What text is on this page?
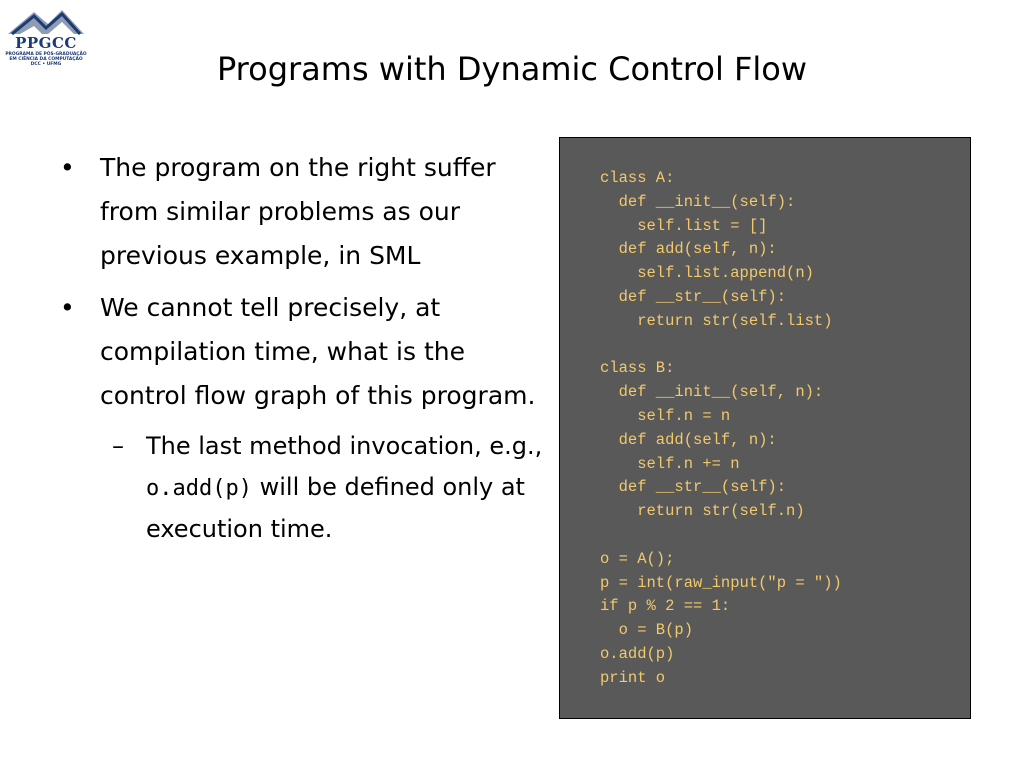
PPGCC
PROGRAMA DE PÓS-GRADUAÇÃO
EM CIÊNCIA DA COMPUTAÇÃO
DCC • UFMG	Programs with Dynamic Control Flow
• The program on the right suffer from similar problems as our previous example, in SML
• We cannot tell precisely, at compilation time, what is the control flow graph of this program.
– The last method invocation, e.g., o.add(p) will be defined only at execution time.
class A:
def __init__(self):
self.list = []
def add(self, n):
self.list.append(n)
def __str__(self):
return str(self.list)
class B:
def __init__(self, n):
self.n = n
def add(self, n):
self.n += n
def __str__(self):
return str(self.n)
o = A();
p = int(raw_input("p = "))
if p % 2 == 1:
o = B(p)
o.add(p)
print o
